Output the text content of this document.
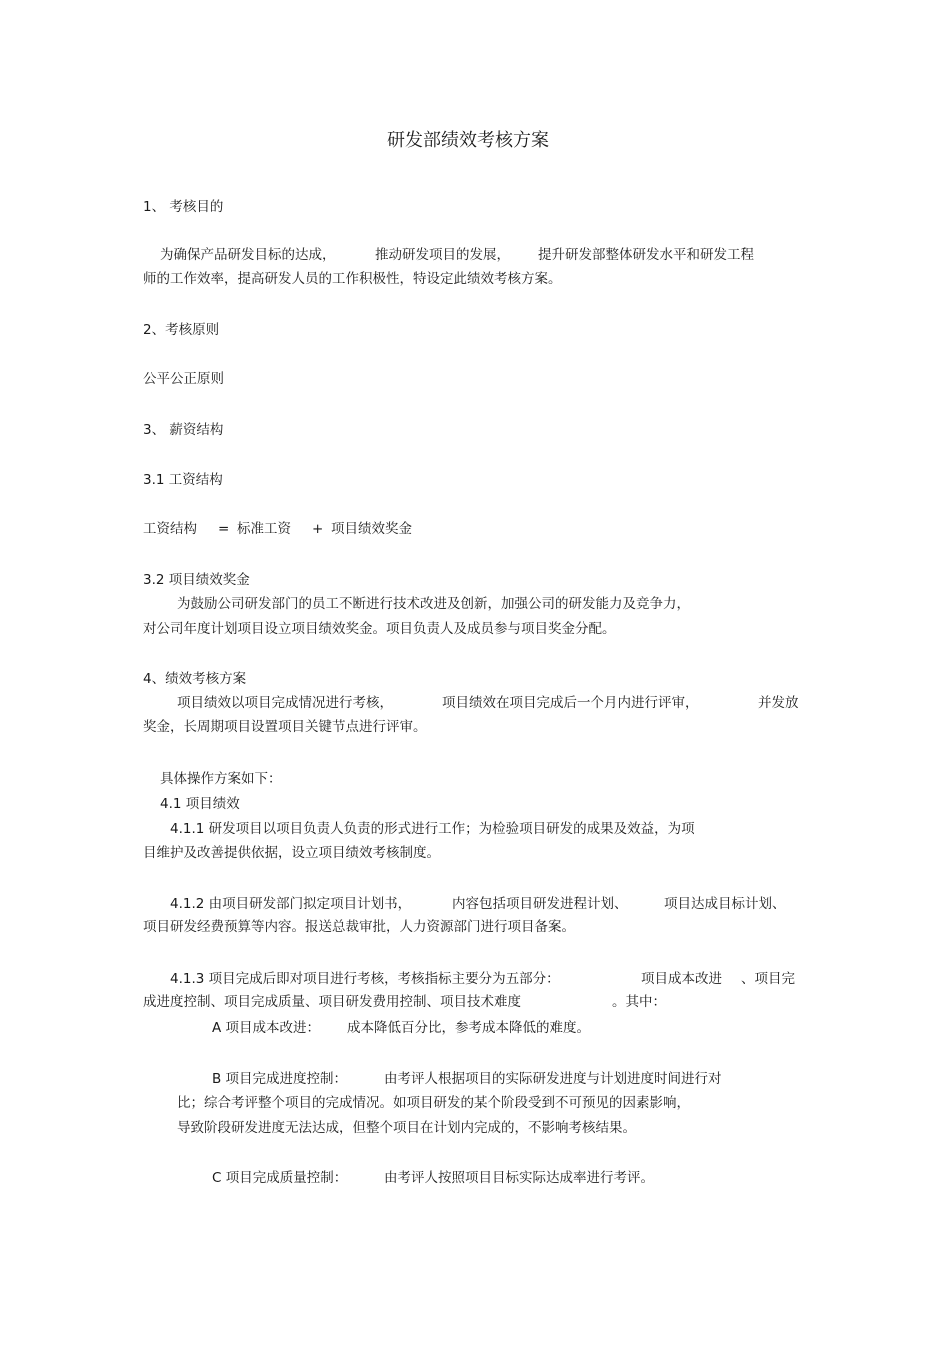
研发部绩效考核方案
1、 考核目的
为确保产品研发目标的达成，	推动研发项目的发展， 提升研发部整体研发水平和研发工程
师的工作效率，提高研发人员的工作积极性，特设定此绩效考核方案。
2、考核原则
公平公正原则
3、 薪资结构
3.1 工资结构
工资结构 = 标准工资 + 项目绩效奖金
3.2 项目绩效奖金
为鼓励公司研发部门的员工不断进行技术改进及创新，加强公司的研发能力及竞争力，
对公司年度计划项目设立项目绩效奖金。项目负责人及成员参与项目奖金分配。
4、绩效考核方案
项目绩效以项目完成情况进行考核，	项目绩效在项目完成后一个月内进行评审，	并发放
奖金，长周期项目设置项目关键节点进行评审。
具体操作方案如下：
4.1 项目绩效
4.1.1 研发项目以项目负责人负责的形式进行工作；为检验项目研发的成果及效益，为项
目维护及改善提供依据，设立项目绩效考核制度。
4.1.2 由项目研发部门拟定项目计划书，	内容包括项目研发进程计划、	项目达成目标计划、
项目研发经费预算等内容。报送总裁审批，人力资源部门进行项目备案。
4.1.3 项目完成后即对项目进行考核，考核指标主要分为五部分：	项目成本改进 、项目完
成进度控制、项目完成质量、项目研发费用控制、项目技术难度	。其中：
A 项目成本改进： 成本降低百分比，参考成本降低的难度。
B 项目完成进度控制：	由考评人根据项目的实际研发进度与计划进度时间进行对
比；综合考评整个项目的完成情况。如项目研发的某个阶段受到不可预见的因素影响，
导致阶段研发进度无法达成，但整个项目在计划内完成的，不影响考核结果。
C 项目完成质量控制：	由考评人按照项目目标实际达成率进行考评。
